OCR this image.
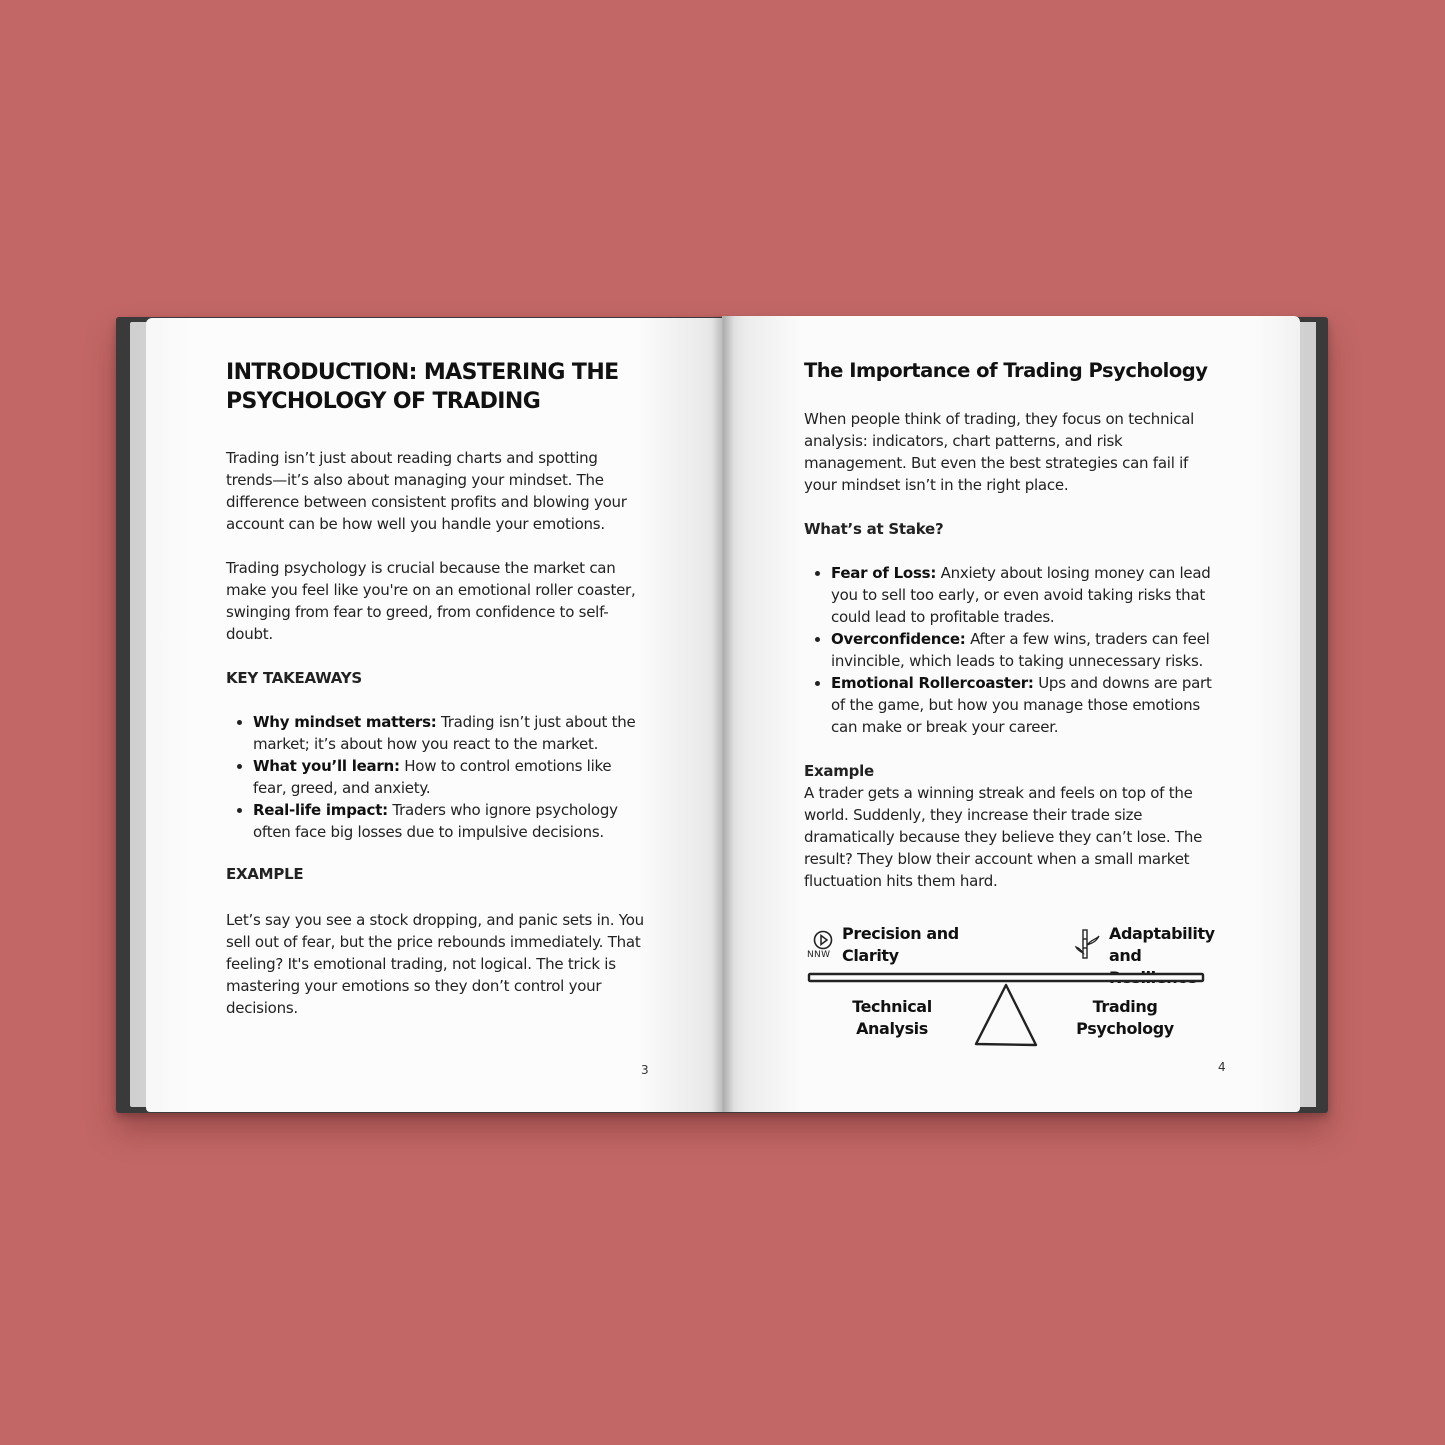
INTRODUCTION: MASTERING THE PSYCHOLOGY OF TRADING

Trading isn’t just about reading charts and spotting trends—it’s also about managing your mindset. The difference between consistent profits and blowing your account can be how well you handle your emotions.

Trading psychology is crucial because the market can make you feel like you're on an emotional roller coaster, swinging from fear to greed, from confidence to self-doubt.

KEY TAKEAWAYS

• Why mindset matters: Trading isn’t just about the market; it’s about how you react to the market.
• What you’ll learn: How to control emotions like fear, greed, and anxiety.
• Real-life impact: Traders who ignore psychology often face big losses due to impulsive decisions.

EXAMPLE

Let’s say you see a stock dropping, and panic sets in. You sell out of fear, but the price rebounds immediately. That feeling? It's emotional trading, not logical. The trick is mastering your emotions so they don’t control your decisions.

3
The Importance of Trading Psychology

When people think of trading, they focus on technical analysis: indicators, chart patterns, and risk management. But even the best strategies can fail if your mindset isn’t in the right place.

What’s at Stake?

• Fear of Loss: Anxiety about losing money can lead you to sell too early, or even avoid taking risks that could lead to profitable trades.
• Overconfidence: After a few wins, traders can feel invincible, which leads to taking unnecessary risks.
• Emotional Rollercoaster: Ups and downs are part of the game, but how you manage those emotions can make or break your career.

Example

A trader gets a winning streak and feels on top of the world. Suddenly, they increase their trade size dramatically because they believe they can’t lose. The result? They blow their account when a small market fluctuation hits them hard.

NNW
Precision and
Clarity
Adaptability
and
Technical
Analysis
Trading
Psychology
4
